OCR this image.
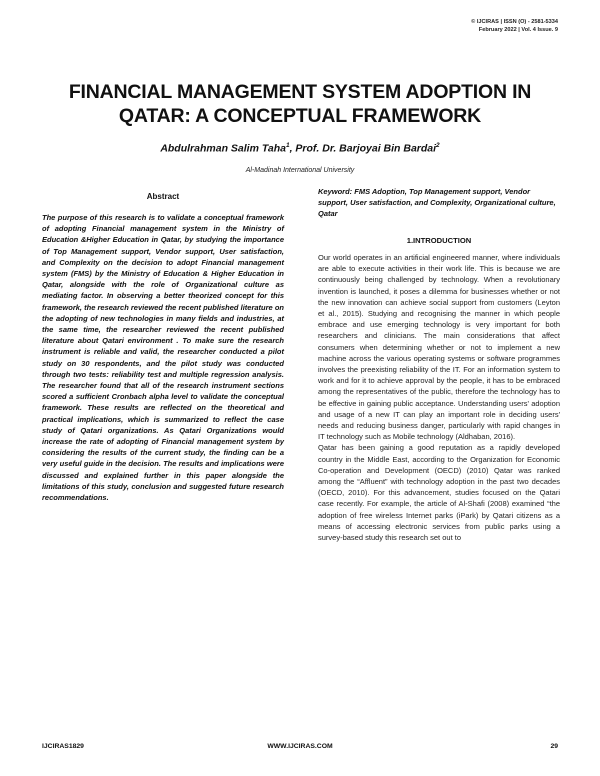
© IJCIRAS | ISSN (O) - 2581-5334
February 2022 | Vol. 4 Issue. 9
FINANCIAL MANAGEMENT SYSTEM ADOPTION IN
QATAR: A CONCEPTUAL FRAMEWORK
Abdulrahman Salim Taha$^1$, Prof. Dr. Barjoyai Bin Bardai$^2$
Al-Madinah International University
Abstract

The purpose of this research is to validate a conceptual framework of adopting Financial management system in the Ministry of Education &Higher Education in Qatar, by studying the importance of Top Management support, Vendor support, User satisfaction, and Complexity on the decision to adopt Financial management system (FMS) by the Ministry of Education & Higher Education in Qatar, alongside with the role of Organizational culture as mediating factor. In observing a better theorized concept for this framework, the research reviewed the recent published literature on the adopting of new technologies in many fields and industries, at the same time, the researcher reviewed the recent published literature about Qatari environment . To make sure the research instrument is reliable and valid, the researcher conducted a pilot study on 30 respondents, and the pilot study was conducted through two tests: reliability test and multiple regression analysis. The researcher found that all of the research instrument sections scored a sufficient Cronbach alpha level to validate the conceptual framework. These results are reflected on the theoretical and practical implications, which is summarized to reflect the case study of Qatari organizations. As Qatari Organizations would increase the rate of adopting of Financial management system by considering the results of the current study, the finding can be a very useful guide in the decision. The results and implications were discussed and explained further in this paper alongside the limitations of this study, conclusion and suggested future research recommendations.

Keyword: FMS Adoption, Top Management support, Vendor support, User satisfaction, and Complexity, Organizational culture, Qatar
1.INTRODUCTION

Our world operates in an artificial engineered manner, where individuals are able to execute activities in their work life. This is because we are continuously being challenged by technology. When a revolutionary invention is launched, it poses a dilemma for businesses whether or not the new innovation can achieve social support from customers (Leyton et al., 2015). Studying and recognising the manner in which people embrace and use emerging technology is very important for both researchers and clinicians. The main considerations that affect consumers when determining whether or not to implement a new machine across the various operating systems or software programmes involves the preexisting reliability of the IT. For an information system to work and for it to achieve approval by the people, it has to be embraced among the representatives of the public, therefore the technology has to be effective in gaining public acceptance. Understanding users' adoption and usage of a new IT can play an important role in deciding users' needs and reducing business danger, particularly with rapid changes in IT technology such as Mobile technology (Aldhaban, 2016).

Qatar has been gaining a good reputation as a rapidly developed country in the Middle East, according to the Organization for Economic Co-operation and Development (OECD) (2010) Qatar was ranked among the “Affluent” with technology adoption in the past two decades (OECD, 2010). For this advancement, studies focused on the Qatari case recently. For example, the article of Al-Shafi (2008) examined “the adoption of free wireless Internet parks (iPark) by Qatari citizens as a means of accessing electronic services from public parks using a survey-based study this research set out to

IJCIRAS1829	WWW.IJCIRAS.COM	29
